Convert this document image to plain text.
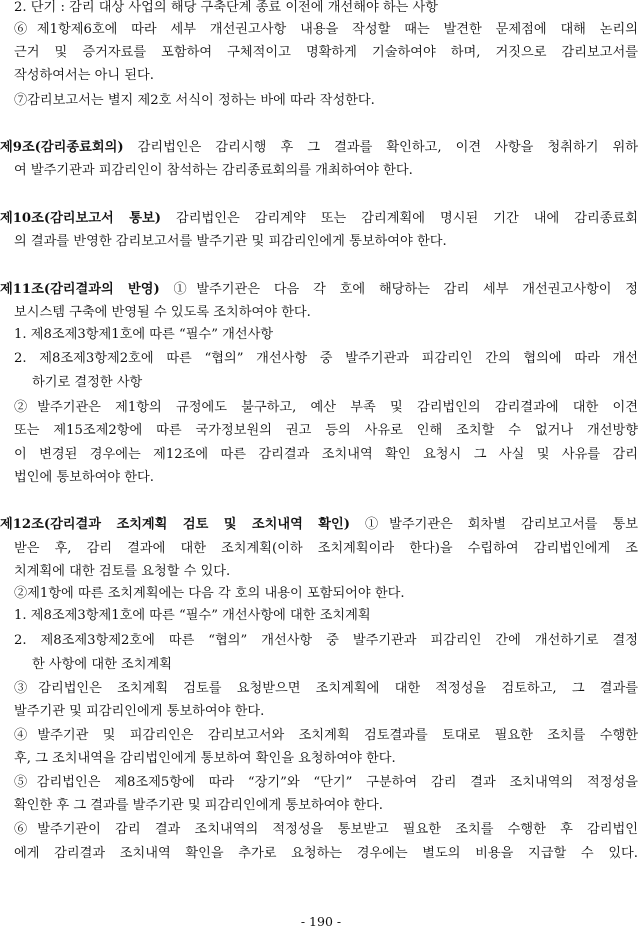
2. 단기 : 감리 대상 사업의 해당 구축단계 종료 이전에 개선해야 하는 사항
⑥제1항제6호에 따라 세부 개선권고사항 내용을 작성할 때는 발견한 문제점에 대해 논리의
근거 및 증거자료를 포함하여 구체적이고 명확하게 기술하여야 하며, 거짓으로 감리보고서를
작성하여서는 아니 된다.
⑦감리보고서는 별지 제2호 서식이 정하는 바에 따라 작성한다.
제9조(감리종료회의) 감리법인은 감리시행 후 그 결과를 확인하고, 이견 사항을 청취하기 위하
여 발주기관과 피감리인이 참석하는 감리종료회의를 개최하여야 한다.
제10조(감리보고서 통보) 감리법인은 감리계약 또는 감리계획에 명시된 기간 내에 감리종료회
의 결과를 반영한 감리보고서를 발주기관 및 피감리인에게 통보하여야 한다.
제11조(감리결과의 반영) ①발주기관은 다음 각 호에 해당하는 감리 세부 개선권고사항이 정
보시스템 구축에 반영될 수 있도록 조치하여야 한다.
1. 제8조제3항제1호에 따른 “필수” 개선사항
2. 제8조제3항제2호에 따른 “협의” 개선사항 중 발주기관과 피감리인 간의 협의에 따라 개선
하기로 결정한 사항
②발주기관은 제1항의 규정에도 불구하고, 예산 부족 및 감리법인의 감리결과에 대한 이견
또는 제15조제2항에 따른 국가정보원의 권고 등의 사유로 인해 조치할 수 없거나 개선방향
이 변경된 경우에는 제12조에 따른 감리결과 조치내역 확인 요청시 그 사실 및 사유를 감리
법인에 통보하여야 한다.
제12조(감리결과 조치계획 검토 및 조치내역 확인) ①발주기관은 회차별 감리보고서를 통보
받은 후, 감리 결과에 대한 조치계획(이하 조치계획이라 한다)을 수립하여 감리법인에게 조
치계획에 대한 검토를 요청할 수 있다.
②제1항에 따른 조치계획에는 다음 각 호의 내용이 포함되어야 한다.
1. 제8조제3항제1호에 따른 “필수” 개선사항에 대한 조치계획
2. 제8조제3항제2호에 따른 “협의” 개선사항 중 발주기관과 피감리인 간에 개선하기로 결정
한 사항에 대한 조치계획
③감리법인은 조치계획 검토를 요청받으면 조치계획에 대한 적정성을 검토하고, 그 결과를
발주기관 및 피감리인에게 통보하여야 한다.
④발주기관 및 피감리인은 감리보고서와 조치계획 검토결과를 토대로 필요한 조치를 수행한
후, 그 조치내역을 감리법인에게 통보하여 확인을 요청하여야 한다.
⑤감리법인은 제8조제5항에 따라 “장기”와 “단기” 구분하여 감리 결과 조치내역의 적정성을
확인한 후 그 결과를 발주기관 및 피감리인에게 통보하여야 한다.
⑥발주기관이 감리 결과 조치내역의 적정성을 통보받고 필요한 조치를 수행한 후 감리법인
에게 감리결과 조치내역 확인을 추가로 요청하는 경우에는 별도의 비용을 지급할 수 있다.
- 190 -
